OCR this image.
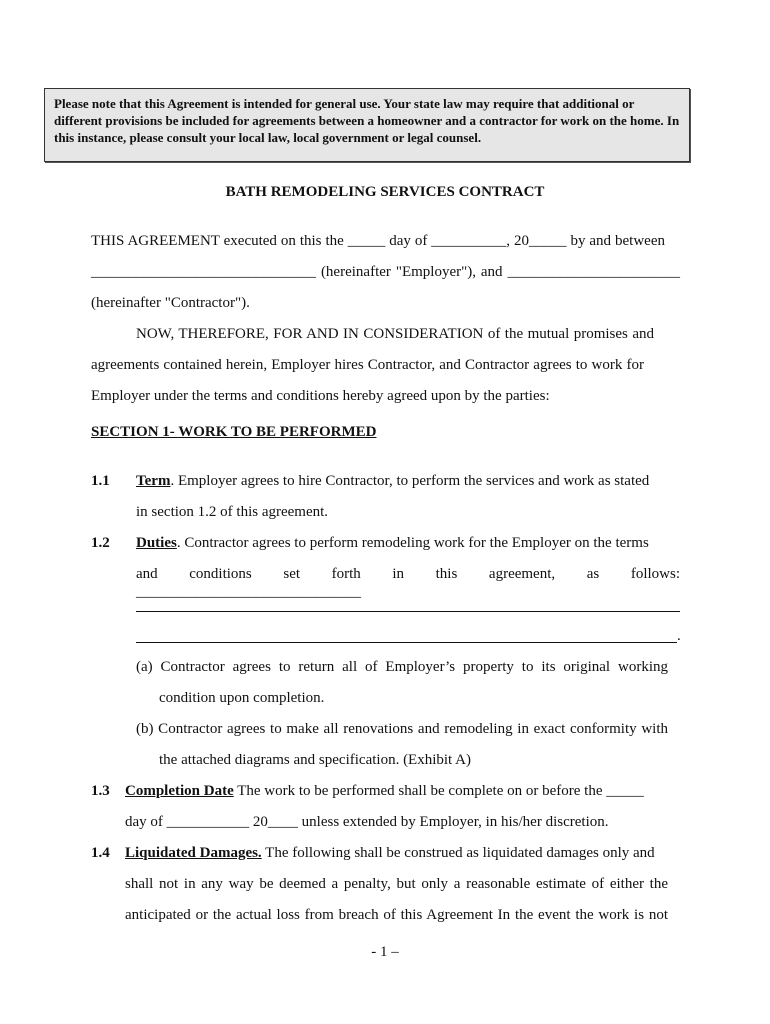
Please note that this Agreement is intended for general use. Your state law may require that additional or different provisions be included for agreements between a homeowner and a contractor for work on the home. In this instance, please consult your local law, local government or legal counsel.

BATH REMODELING SERVICES CONTRACT
THIS AGREEMENT executed on this the _____ day of __________, 20_____ by and between
______________________________ (hereinafter "Employer"), and _______________________
(hereinafter "Contractor").
NOW, THEREFORE, FOR AND IN CONSIDERATION of the mutual promises and
agreements contained herein, Employer hires Contractor, and Contractor agrees to work for
Employer under the terms and conditions hereby agreed upon by the parties:
SECTION 1- WORK TO BE PERFORMED
1.1 Term. Employer agrees to hire Contractor, to perform the services and work as stated
in section 1.2 of this agreement.
1.2 Duties. Contractor agrees to perform remodeling work for the Employer on the terms
and conditions set forth in this agreement, as follows: ______________________________
.
(a) Contractor agrees to return all of Employer’s property to its original working
condition upon completion.
(b) Contractor agrees to make all renovations and remodeling in exact conformity with
the attached diagrams and specification. (Exhibit A)
1.3 Completion Date The work to be performed shall be complete on or before the _____
day of ___________ 20____ unless extended by Employer, in his/her discretion.
1.4 Liquidated Damages. The following shall be construed as liquidated damages only and
shall not in any way be deemed a penalty, but only a reasonable estimate of either the
anticipated or the actual loss from breach of this Agreement In the event the work is not
- 1 –
